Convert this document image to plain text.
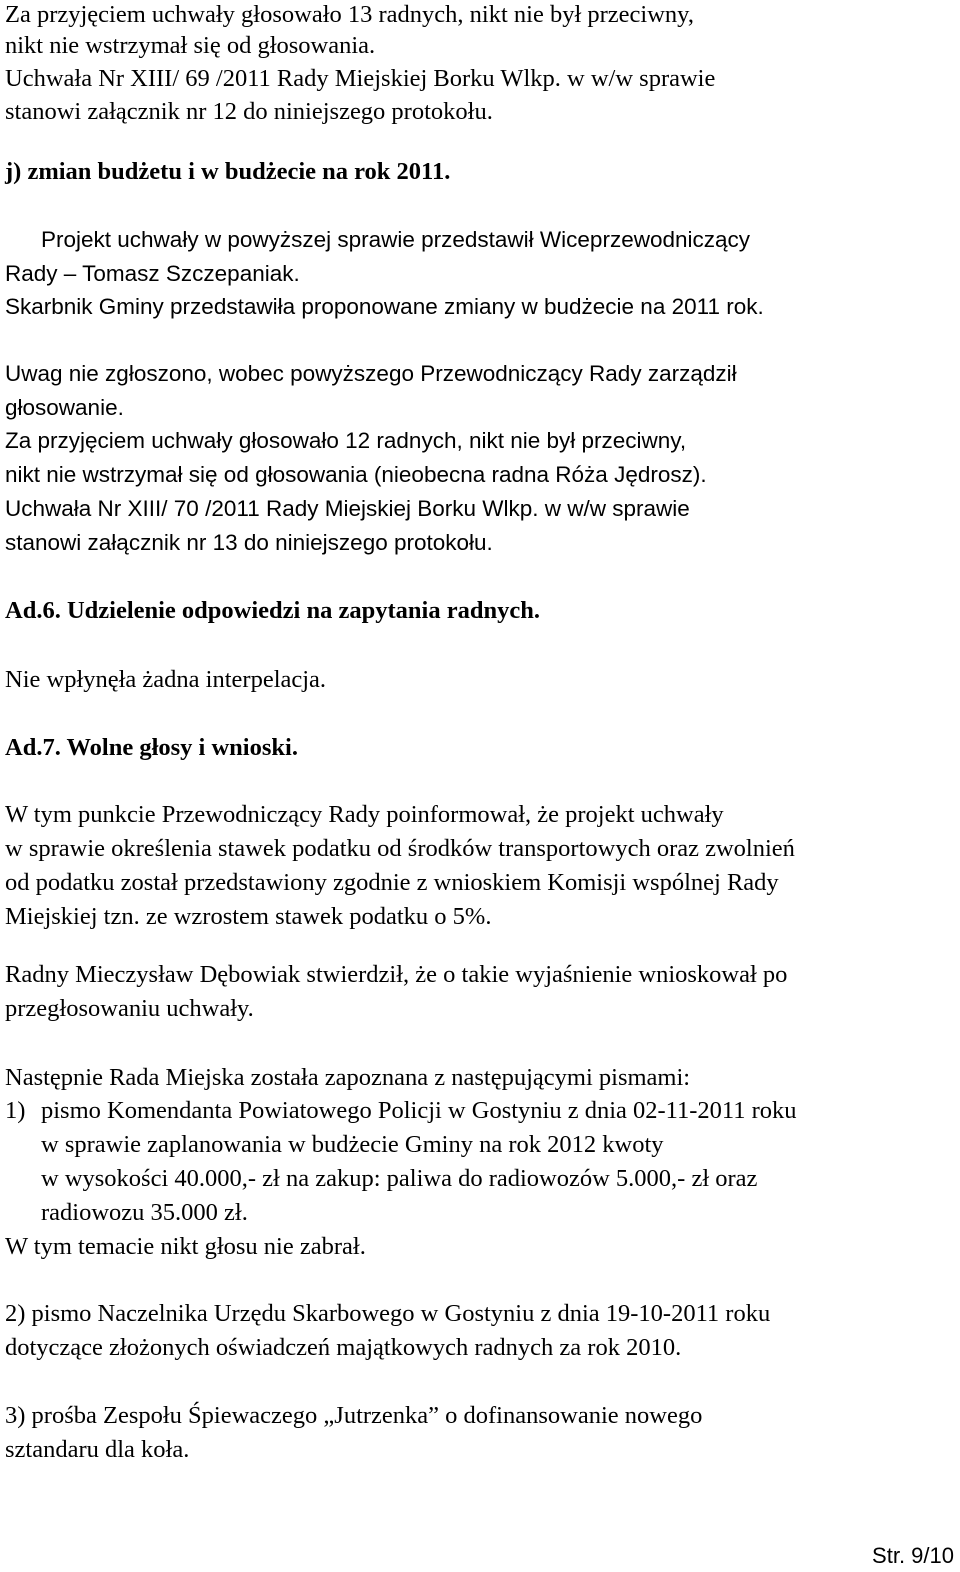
Za przyjęciem uchwały głosowało 13 radnych, nikt nie był przeciwny,

nikt nie wstrzymał się od głosowania.

Uchwała Nr XIII/ 69 /2011 Rady Miejskiej Borku Wlkp. w w/w sprawie

stanowi załącznik nr 12 do niniejszego protokołu.

j) zmian budżetu i w budżecie na rok 2011.

Projekt uchwały w powyższej sprawie przedstawił Wiceprzewodniczący

Rady – Tomasz Szczepaniak.

Skarbnik Gminy przedstawiła proponowane zmiany w budżecie na 2011 rok.

Uwag nie zgłoszono, wobec powyższego Przewodniczący Rady zarządził

głosowanie.

Za przyjęciem uchwały głosowało 12 radnych, nikt nie był przeciwny,

nikt nie wstrzymał się od głosowania (nieobecna radna Róża Jędrosz).

Uchwała Nr XIII/ 70 /2011 Rady Miejskiej Borku Wlkp. w w/w sprawie

stanowi załącznik nr 13 do niniejszego protokołu.

Ad.6. Udzielenie odpowiedzi na zapytania radnych.

Nie wpłynęła żadna interpelacja.

Ad.7. Wolne głosy i wnioski.

W tym punkcie Przewodniczący Rady poinformował, że projekt uchwały

w sprawie określenia stawek podatku od środków transportowych oraz zwolnień

od podatku został przedstawiony zgodnie z wnioskiem Komisji wspólnej Rady

Miejskiej tzn. ze wzrostem stawek podatku o 5%.

Radny Mieczysław Dębowiak stwierdził, że o takie wyjaśnienie wnioskował po

przegłosowaniu uchwały.

Następnie Rada Miejska została zapoznana z następującymi pismami:

1) pismo Komendanta Powiatowego Policji w Gostyniu z dnia 02-11-2011 roku

w sprawie zaplanowania w budżecie Gminy na rok 2012 kwoty

w wysokości 40.000,- zł na zakup: paliwa do radiowozów 5.000,- zł oraz

radiowozu 35.000 zł.

W tym temacie nikt głosu nie zabrał.

2) pismo Naczelnika Urzędu Skarbowego w Gostyniu z dnia 19-10-2011 roku

dotyczące złożonych oświadczeń majątkowych radnych za rok 2010.

3) prośba Zespołu Śpiewaczego „Jutrzenka” o dofinansowanie nowego

sztandaru dla koła.

Str. 9/10
